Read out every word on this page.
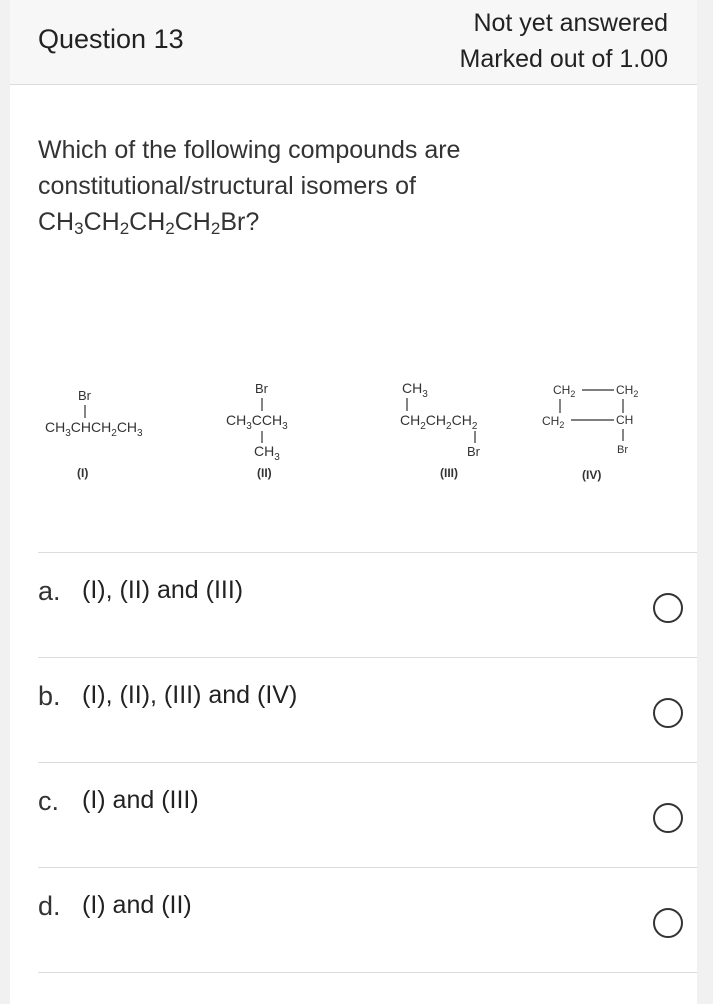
Question 13
Not yet answered
Marked out of 1.00
Which of the following compounds are
constitutional/structural isomers of
$CH_3CH_2CH_2CH_2Br$?
Br
$CH_3CHCH_2CH_3$
(I)
Br
$CH_3CCH_3$
$CH_3$
(II)
$CH_3$
$CH_2CH_2CH_2$
Br
(III)
$CH_2$	$CH_2$
$CH_2$	CH
Br
(IV)
a. (I), (II) and (III)
b. (I), (II), (III) and (IV)
c. (I) and (III)
d. (I) and (II)
